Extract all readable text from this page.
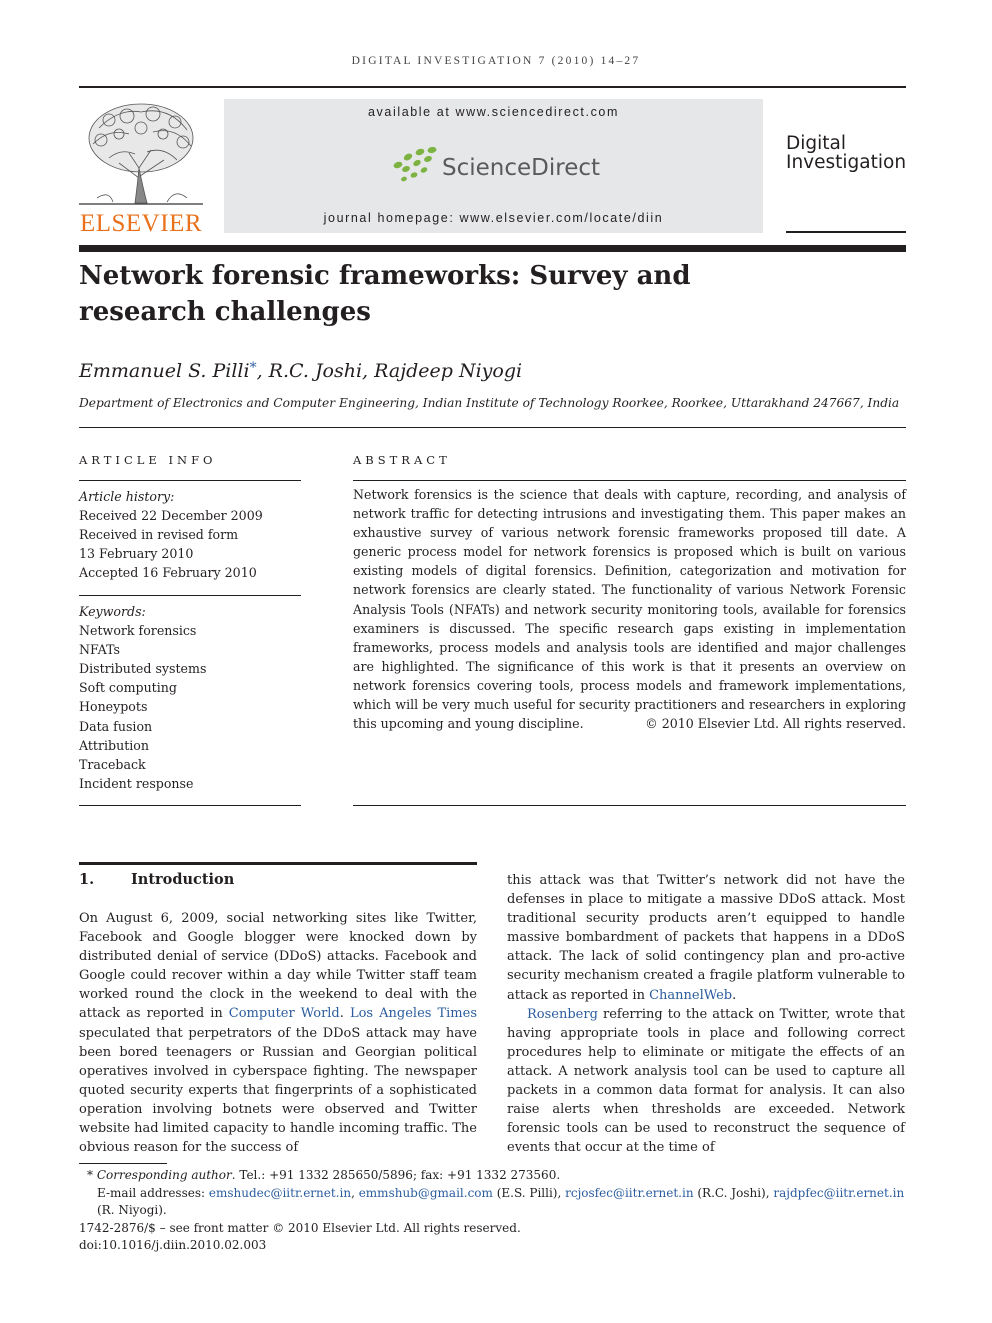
DIGITAL INVESTIGATION 7 (2010) 14–27
ELSEVIER
available at www.sciencedirect.com
ScienceDirect
journal homepage: www.elsevier.com/locate/diin
Digital
Investigation
Network forensic frameworks: Survey and
research challenges
Emmanuel S. Pilli*, R.C. Joshi, Rajdeep Niyogi
Department of Electronics and Computer Engineering, Indian Institute of Technology Roorkee, Roorkee, Uttarakhand 247667, India
ARTICLE INFO
Article history:
Received 22 December 2009
Received in revised form
13 February 2010
Accepted 16 February 2010
Keywords:
Network forensics
NFATs
Distributed systems
Soft computing
Honeypots
Data fusion
Attribution
Traceback
Incident response
ABSTRACT
Network forensics is the science that deals with capture, recording, and analysis of network traffic for detecting intrusions and investigating them. This paper makes an exhaustive survey of various network forensic frameworks proposed till date. A generic process model for network forensics is proposed which is built on various existing models of digital forensics. Definition, categorization and motivation for network forensics are clearly stated. The functionality of various Network Forensic Analysis Tools (NFATs) and network security monitoring tools, available for forensics examiners is discussed. The specific research gaps existing in implementation frameworks, process models and analysis tools are identified and major challenges are highlighted. The significance of this work is that it presents an overview on network forensics covering tools, process models and framework implementations, which will be very much useful for security practitioners and researchers in exploring this upcoming and young discipline.	© 2010 Elsevier Ltd. All rights reserved.
1.	Introduction

On August 6, 2009, social networking sites like Twitter, Facebook and Google blogger were knocked down by distributed denial of service (DDoS) attacks. Facebook and Google could recover within a day while Twitter staff team worked round the clock in the weekend to deal with the attack as reported in Computer World. Los Angeles Times speculated that perpetrators of the DDoS attack may have been bored teenagers or Russian and Georgian political operatives involved in cyberspace fighting. The newspaper quoted security experts that fingerprints of a sophisticated operation involving botnets were observed and Twitter website had limited capacity to handle incoming traffic. The obvious reason for the success of

this attack was that Twitter’s network did not have the defenses in place to mitigate a massive DDoS attack. Most traditional security products aren’t equipped to handle massive bombardment of packets that happens in a DDoS attack. The lack of solid contingency plan and pro-active security mechanism created a fragile platform vulnerable to attack as reported in ChannelWeb.

Rosenberg referring to the attack on Twitter, wrote that having appropriate tools in place and following correct procedures help to eliminate or mitigate the effects of an attack. A network analysis tool can be used to capture all packets in a common data format for analysis. It can also raise alerts when thresholds are exceeded. Network forensic tools can be used to reconstruct the sequence of events that occur at the time of

* Corresponding author. Tel.: +91 1332 285650/5896; fax: +91 1332 273560.
E-mail addresses: emshudec@iitr.ernet.in, emmshub@gmail.com (E.S. Pilli), rcjosfec@iitr.ernet.in (R.C. Joshi), rajdpfec@iitr.ernet.in (R. Niyogi).
1742-2876/$ – see front matter © 2010 Elsevier Ltd. All rights reserved.
doi:10.1016/j.diin.2010.02.003
